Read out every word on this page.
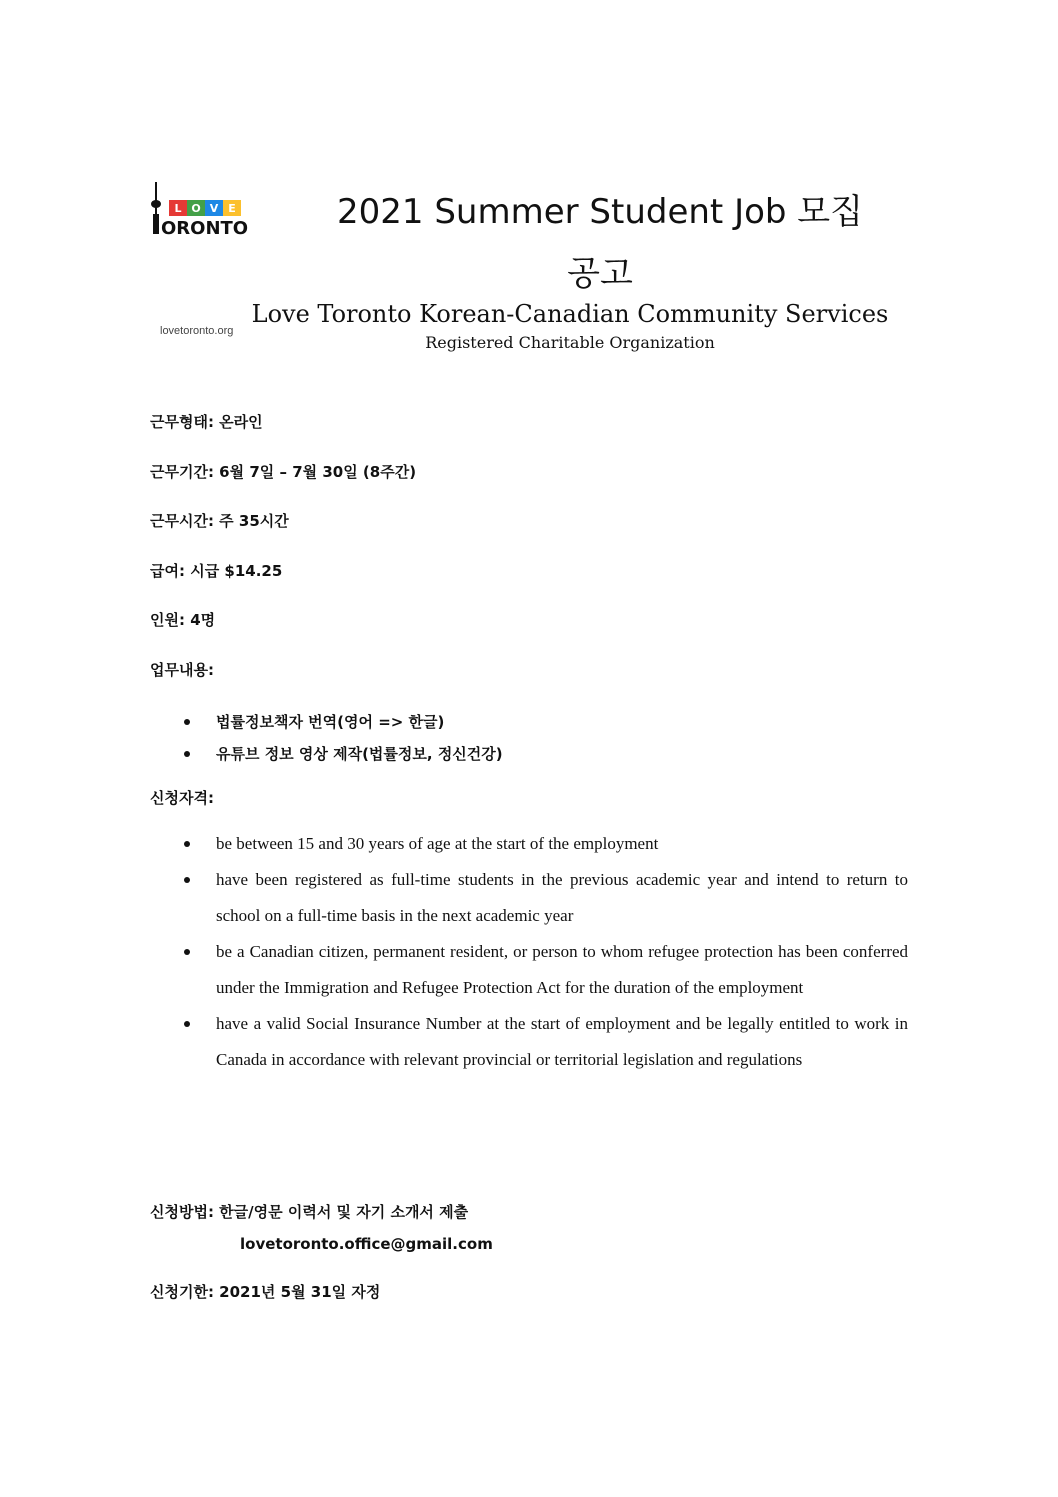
L O V E
ORONTO
lovetoronto.org
2021 Summer Student Job 모집
공고
Love Toronto Korean-Canadian Community Services
Registered Charitable Organization
근무형태: 온라인
근무기간: 6월 7일 – 7월 30일 (8주간)
근무시간: 주 35시간
급여: 시급 $14.25
인원: 4명
업무내용:
법률정보책자 번역(영어 => 한글)
유튜브 정보 영상 제작(법률정보, 정신건강)
신청자격:
be between 15 and 30 years of age at the start of the employment
have been registered as full-time students in the previous academic year and intend to return to school on a full-time basis in the next academic year
be a Canadian citizen, permanent resident, or person to whom refugee protection has been conferred under the Immigration and Refugee Protection Act for the duration of the employment
have a valid Social Insurance Number at the start of employment and be legally entitled to work in Canada in accordance with relevant provincial or territorial legislation and regulations
신청방법: 한글/영문 이력서 및 자기 소개서 제출
lovetoronto.office@gmail.com
신청기한: 2021년 5월 31일 자정
